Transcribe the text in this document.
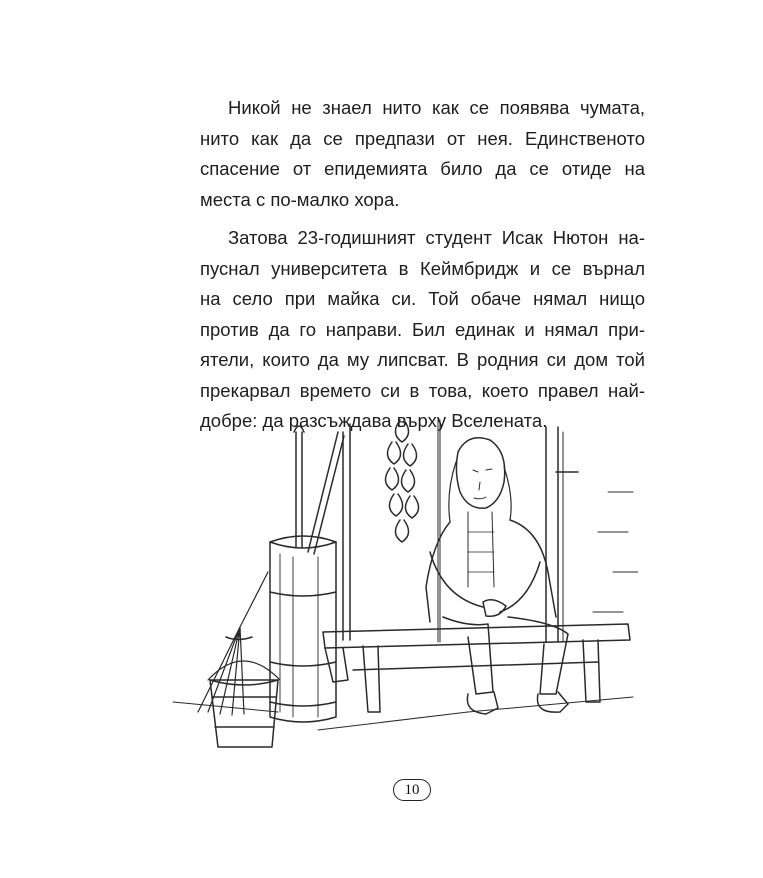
Никой не знаел нито как се появява чумата,
нито как да се предпази от нея. Единственото
спасение от епидемията било да се отиде на
места с по-малко хора.
Затова 23-годишният студент Исак Нютон на-
пуснал университета в Кеймбридж и се върнал
на село при майка си. Той обаче нямал нищо
против да го направи. Бил единак и нямал при-
ятели, които да му липсват. В родния си дом той
прекарвал времето си в това, което правел най-
добре: да разсъждава върху Вселената.
10
